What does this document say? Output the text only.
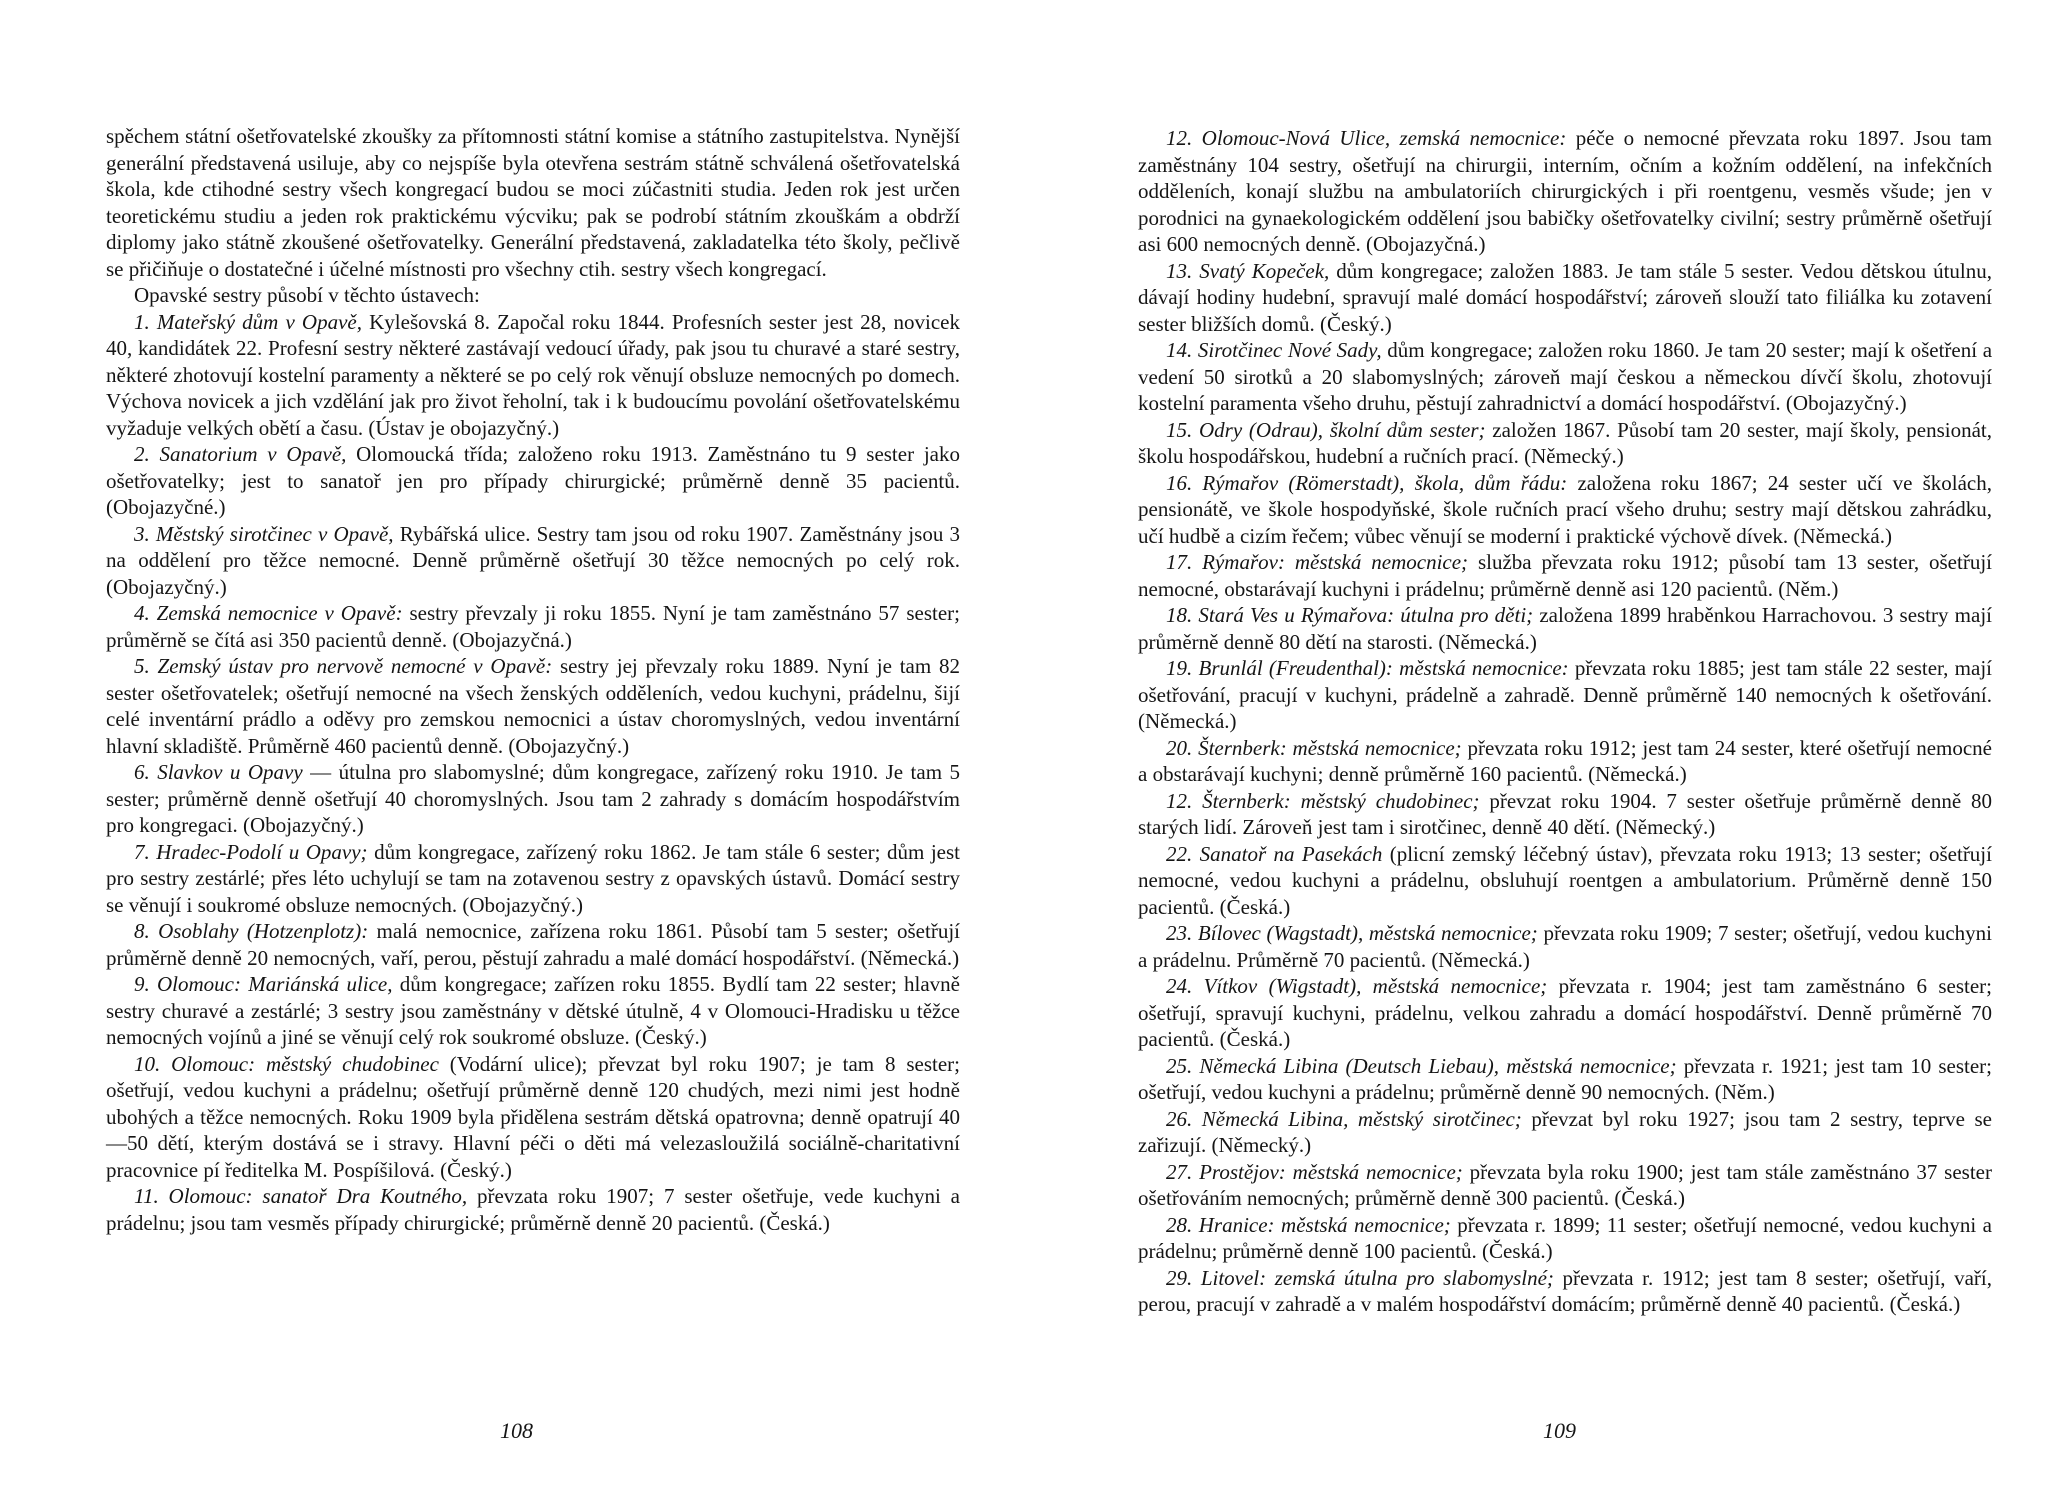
spěchem státní ošetřovatelské zkoušky za přítomnosti státní komise a státního zastupitelstva. Nynější generální představená usiluje, aby co nejspíše byla otevřena sestrám státně schválená ošetřovatelská škola, kde ctihodné sestry všech kongregací budou se moci zúčastniti studia. Jeden rok jest určen teoretickému studiu a jeden rok praktickému výcviku; pak se podrobí státním zkouškám a obdrží diplomy jako státně zkoušené ošetřovatelky. Generální představená, zakladatelka této školy, pečlivě se přičiňuje o dostatečné i účelné místnosti pro všechny ctih. sestry všech kongregací.

Opavské sestry působí v těchto ústavech:

1. Mateřský dům v Opavě, Kylešovská 8. Započal roku 1844. Profesních sester jest 28, novicek 40, kandidátek 22. Profesní sestry některé zastávají vedoucí úřady, pak jsou tu churavé a staré sestry, některé zhotovují kostelní paramenty a některé se po celý rok věnují obsluze nemocných po domech. Výchova novicek a jich vzdělání jak pro život řeholní, tak i k budoucímu povolání ošetřovatelskému vyžaduje velkých obětí a času. (Ústav je obojazyčný.)

2. Sanatorium v Opavě, Olomoucká třída; založeno roku 1913. Zaměstnáno tu 9 sester jako ošetřovatelky; jest to sanatoř jen pro případy chirurgické; průměrně denně 35 pacientů. (Obojazyčné.)

3. Městský sirotčinec v Opavě, Rybářská ulice. Sestry tam jsou od roku 1907. Zaměstnány jsou 3 na oddělení pro těžce nemocné. Denně průměrně ošetřují 30 těžce nemocných po celý rok. (Obojazyčný.)

4. Zemská nemocnice v Opavě: sestry převzaly ji roku 1855. Nyní je tam zaměstnáno 57 sester; průměrně se čítá asi 350 pacientů denně. (Obojazyčná.)

5. Zemský ústav pro nervově nemocné v Opavě: sestry jej převzaly roku 1889. Nyní je tam 82 sester ošetřovatelek; ošetřují nemocné na všech ženských odděleních, vedou kuchyni, prádelnu, šijí celé inventární prádlo a oděvy pro zemskou nemocnici a ústav choromyslných, vedou inventární hlavní skladiště. Průměrně 460 pacientů denně. (Obojazyčný.)

6. Slavkov u Opavy — útulna pro slabomyslné; dům kongregace, zařízený roku 1910. Je tam 5 sester; průměrně denně ošetřují 40 choromyslných. Jsou tam 2 zahrady s domácím hospodářstvím pro kongregaci. (Obojazyčný.)

7. Hradec-Podolí u Opavy; dům kongregace, zařízený roku 1862. Je tam stále 6 sester; dům jest pro sestry zestárlé; přes léto uchylují se tam na zotavenou sestry z opavských ústavů. Domácí sestry se věnují i soukromé obsluze nemocných. (Obojazyčný.)

8. Osoblahy (Hotzenplotz): malá nemocnice, zařízena roku 1861. Působí tam 5 sester; ošetřují průměrně denně 20 nemocných, vaří, perou, pěstují zahradu a malé domácí hospodářství. (Německá.)

9. Olomouc: Mariánská ulice, dům kongregace; zařízen roku 1855. Bydlí tam 22 sester; hlavně sestry churavé a zestárlé; 3 sestry jsou zaměstnány v dětské útulně, 4 v Olomouci-Hradisku u těžce nemocných vojínů a jiné se věnují celý rok soukromé obsluze. (Český.)

10. Olomouc: městský chudobinec (Vodární ulice); převzat byl roku 1907; je tam 8 sester; ošetřují, vedou kuchyni a prádelnu; ošetřují průměrně denně 120 chudých, mezi nimi jest hodně ubohých a těžce nemocných. Roku 1909 byla přidělena sestrám dětská opatrovna; denně opatrují 40—50 dětí, kterým dostává se i stravy. Hlavní péči o děti má velezasloužilá sociálně-charitativní pracovnice pí ředitelka M. Pospíšilová. (Český.)

11. Olomouc: sanatoř Dra Koutného, převzata roku 1907; 7 sester ošetřuje, vede kuchyni a prádelnu; jsou tam vesměs případy chirurgické; průměrně denně 20 pacientů. (Česká.)

108

12. Olomouc-Nová Ulice, zemská nemocnice: péče o nemocné převzata roku 1897. Jsou tam zaměstnány 104 sestry, ošetřují na chirurgii, interním, očním a kožním oddělení, na infekčních odděleních, konají službu na ambulatoriích chirurgických i při roentgenu, vesměs všude; jen v porodnici na gynaekologickém oddělení jsou babičky ošetřovatelky civilní; sestry průměrně ošetřují asi 600 nemocných denně. (Obojazyčná.)

13. Svatý Kopeček, dům kongregace; založen 1883. Je tam stále 5 sester. Vedou dětskou útulnu, dávají hodiny hudební, spravují malé domácí hospodářství; zároveň slouží tato filiálka ku zotavení sester bližších domů. (Český.)

14. Sirotčinec Nové Sady, dům kongregace; založen roku 1860. Je tam 20 sester; mají k ošetření a vedení 50 sirotků a 20 slabomyslných; zároveň mají českou a německou dívčí školu, zhotovují kostelní paramenta všeho druhu, pěstují zahradnictví a domácí hospodářství. (Obojazyčný.)

15. Odry (Odrau), školní dům sester; založen 1867. Působí tam 20 sester, mají školy, pensionát, školu hospodářskou, hudební a ručních prací. (Německý.)

16. Rýmařov (Römerstadt), škola, dům řádu: založena roku 1867; 24 sester učí ve školách, pensionátě, ve škole hospodyňské, škole ručních prací všeho druhu; sestry mají dětskou zahrádku, učí hudbě a cizím řečem; vůbec věnují se moderní i praktické výchově dívek. (Německá.)

17. Rýmařov: městská nemocnice; služba převzata roku 1912; působí tam 13 sester, ošetřují nemocné, obstarávají kuchyni i prádelnu; průměrně denně asi 120 pacientů. (Něm.)

18. Stará Ves u Rýmařova: útulna pro děti; založena 1899 hraběnkou Harrachovou. 3 sestry mají průměrně denně 80 dětí na starosti. (Německá.)

19. Brunlál (Freudenthal): městská nemocnice: převzata roku 1885; jest tam stále 22 sester, mají ošetřování, pracují v kuchyni, prádelně a zahradě. Denně průměrně 140 nemocných k ošetřování. (Německá.)

20. Šternberk: městská nemocnice; převzata roku 1912; jest tam 24 sester, které ošetřují nemocné a obstarávají kuchyni; denně průměrně 160 pacientů. (Německá.)

12. Šternberk: městský chudobinec; převzat roku 1904. 7 sester ošetřuje průměrně denně 80 starých lidí. Zároveň jest tam i sirotčinec, denně 40 dětí. (Německý.)

22. Sanatoř na Pasekách (plicní zemský léčebný ústav), převzata roku 1913; 13 sester; ošetřují nemocné, vedou kuchyni a prádelnu, obsluhují roentgen a ambulatorium. Průměrně denně 150 pacientů. (Česká.)

23. Bílovec (Wagstadt), městská nemocnice; převzata roku 1909; 7 sester; ošetřují, vedou kuchyni a prádelnu. Průměrně 70 pacientů. (Německá.)

24. Vítkov (Wigstadt), městská nemocnice; převzata r. 1904; jest tam zaměstnáno 6 sester; ošetřují, spravují kuchyni, prádelnu, velkou zahradu a domácí hospodářství. Denně průměrně 70 pacientů. (Česká.)

25. Německá Libina (Deutsch Liebau), městská nemocnice; převzata r. 1921; jest tam 10 sester; ošetřují, vedou kuchyni a prádelnu; průměrně denně 90 nemocných. (Něm.)

26. Německá Libina, městský sirotčinec; převzat byl roku 1927; jsou tam 2 sestry, teprve se zařizují. (Německý.)

27. Prostějov: městská nemocnice; převzata byla roku 1900; jest tam stále zaměstnáno 37 sester ošetřováním nemocných; průměrně denně 300 pacientů. (Česká.)

28. Hranice: městská nemocnice; převzata r. 1899; 11 sester; ošetřují nemocné, vedou kuchyni a prádelnu; průměrně denně 100 pacientů. (Česká.)

29. Litovel: zemská útulna pro slabomyslné; převzata r. 1912; jest tam 8 sester; ošetřují, vaří, perou, pracují v zahradě a v malém hospodářství domácím; průměrně denně 40 pacientů. (Česká.)

109
